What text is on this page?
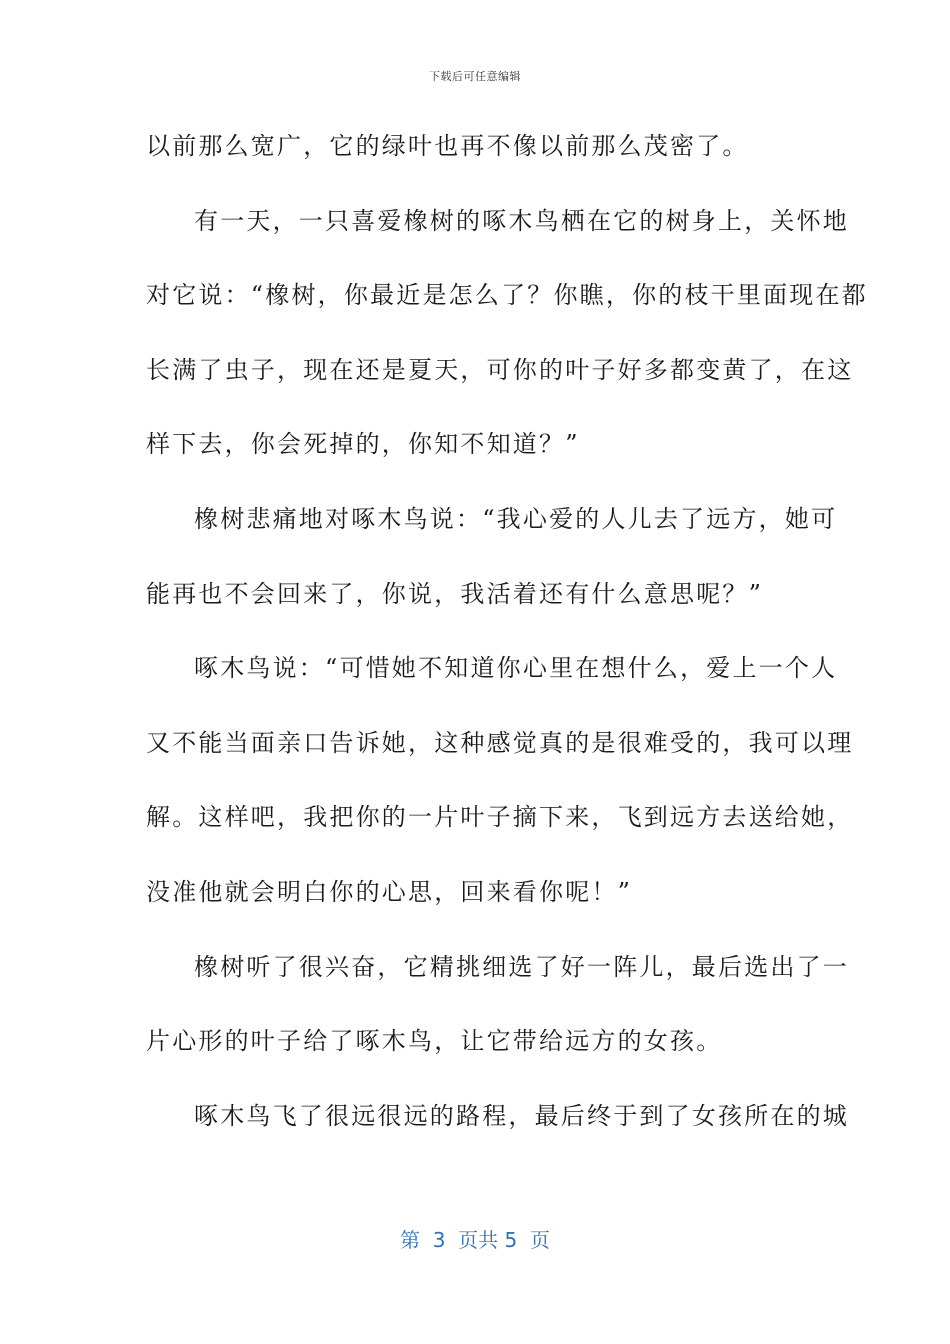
下载后可任意编辑
以前那么宽广，它的绿叶也再不像以前那么茂密了。
有一天，一只喜爱橡树的啄木鸟栖在它的树身上，关怀地
对它说：“橡树，你最近是怎么了？你瞧，你的枝干里面现在都
长满了虫子，现在还是夏天，可你的叶子好多都变黄了，在这
样下去，你会死掉的，你知不知道？”
橡树悲痛地对啄木鸟说：“我心爱的人儿去了远方，她可
能再也不会回来了，你说，我活着还有什么意思呢？”
啄木鸟说：“可惜她不知道你心里在想什么，爱上一个人
又不能当面亲口告诉她，这种感觉真的是很难受的，我可以理
解。这样吧，我把你的一片叶子摘下来，飞到远方去送给她，
没准他就会明白你的心思，回来看你呢！”
橡树听了很兴奋，它精挑细选了好一阵儿，最后选出了一
片心形的叶子给了啄木鸟，让它带给远方的女孩。
啄木鸟飞了很远很远的路程，最后终于到了女孩所在的城
第  3  页共 5  页
